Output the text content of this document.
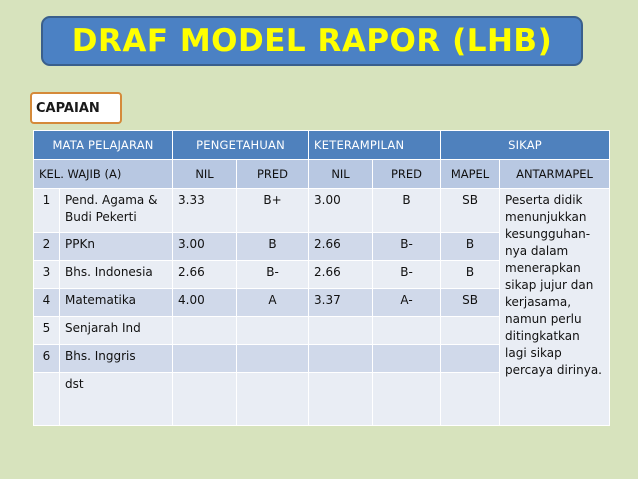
DRAF MODEL RAPOR (LHB)
CAPAIAN
MATA PELAJARAN		PENGETAHUAN		KETERAMPILAN		SIKAP	
KEL. WAJIB (A)		NIL	PRED	NIL	PRED	MAPEL	ANTARMAPEL
1	Pend. Agama & Budi Pekerti	3.33	B+	3.00	B	SB	Peserta didik menunjukkan kesungguhan-nya dalam menerapkan sikap jujur dan kerjasama, namun perlu ditingkatkan lagi sikap percaya dirinya.
2	PPKn	3.00	B	2.66	B-	B	
3	Bhs. Indonesia	2.66	B-	2.66	B-	B	
4	Matematika	4.00	A	3.37	A-	SB	
5	Senjarah Ind						
6	Bhs. Inggris						
	dst						
